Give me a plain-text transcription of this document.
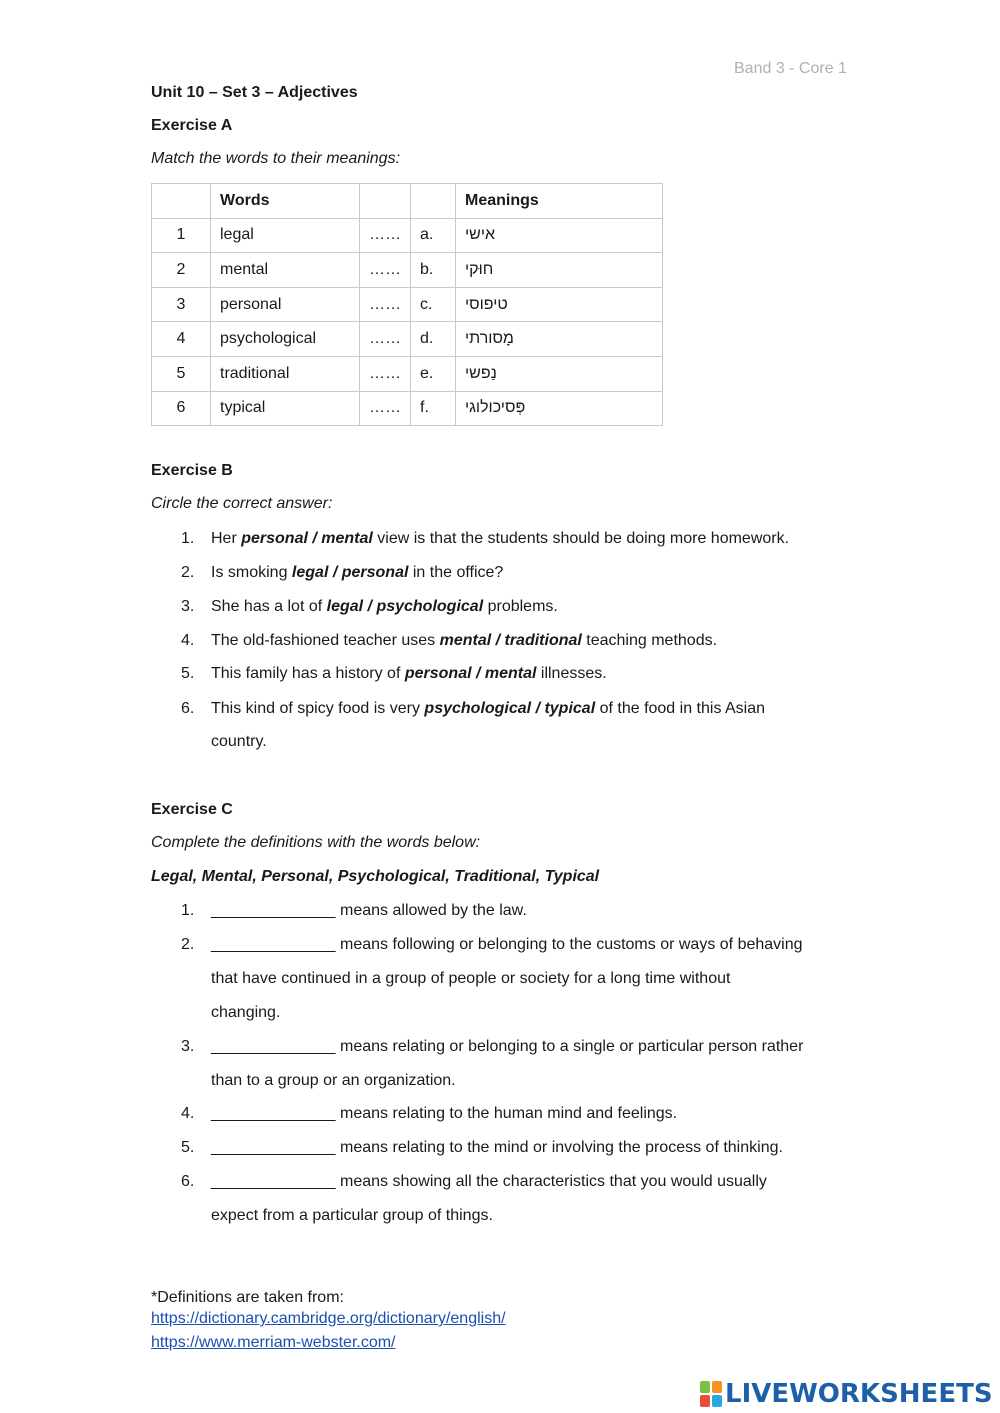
Band 3 - Core 1
Unit 10 – Set 3 – Adjectives
Exercise A
Match the words to their meanings:
	Words			Meanings
1	legal	……	a.	אישי
2	mental	……	b.	חוּקי
3	personal	……	c.	טיפוסי
4	psychological	……	d.	מָסורתי
5	traditional	……	e.	נַפשי
6	typical	……	f.	פְּסיכולוגי
Exercise B
Circle the correct answer:
1. Her personal / mental view is that the students should be doing more homework.
2. Is smoking legal / personal in the office?
3. She has a lot of legal / psychological problems.
4. The old-fashioned teacher uses mental / traditional teaching methods.
5. This family has a history of personal / mental illnesses.
6. This kind of spicy food is very psychological / typical of the food in this Asian
country.
Exercise C
Complete the definitions with the words below:
Legal, Mental, Personal, Psychological, Traditional, Typical
1. ______________ means allowed by the law.
2. ______________ means following or belonging to the customs or ways of behaving
that have continued in a group of people or society for a long time without
changing.
3. ______________ means relating or belonging to a single or particular person rather
than to a group or an organization.
4. ______________ means relating to the human mind and feelings.
5. ______________ means relating to the mind or involving the process of thinking.
6. ______________ means showing all the characteristics that you would usually
expect from a particular group of things.
*Definitions are taken from:
https://dictionary.cambridge.org/dictionary/english/
https://www.merriam-webster.com/
LIVEWORKSHEETS
